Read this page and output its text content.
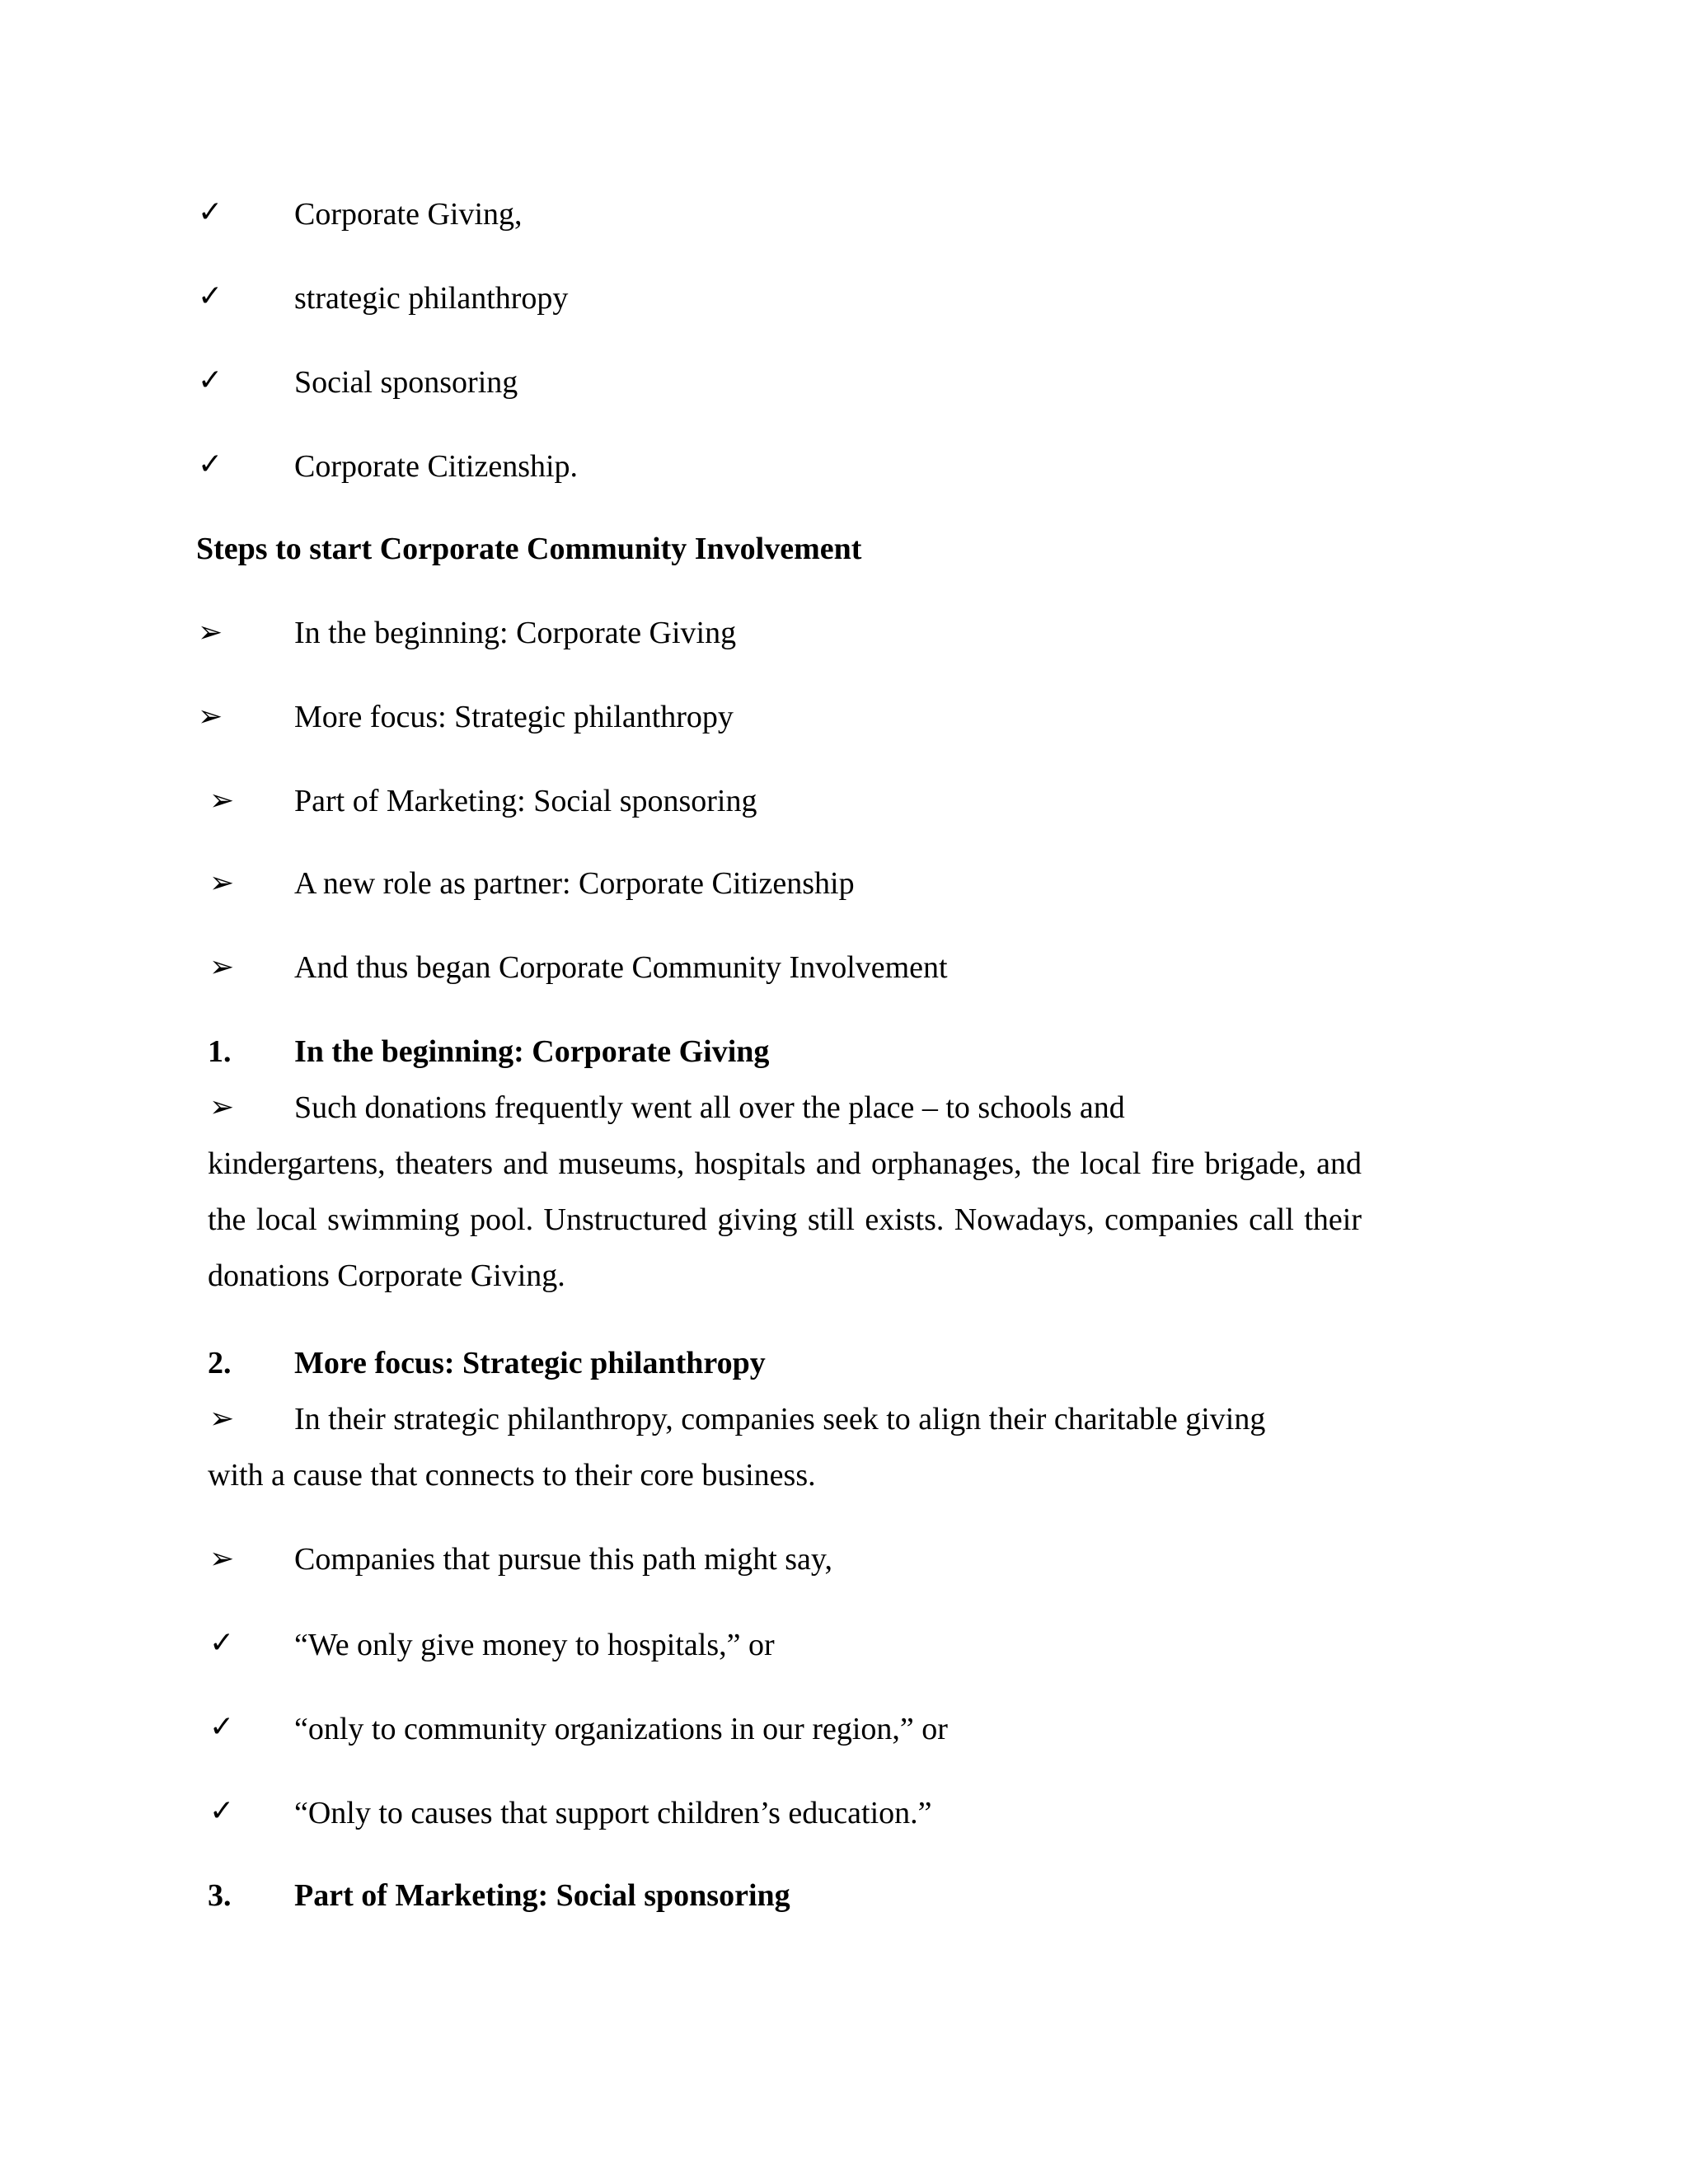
✓ Corporate Giving,
✓ strategic philanthropy
✓ Social sponsoring
✓ Corporate Citizenship.
Steps to start Corporate Community Involvement
➢ In the beginning: Corporate Giving
➢ More focus: Strategic philanthropy
➢ Part of Marketing: Social sponsoring
➢ A new role as partner: Corporate Citizenship
➢ And thus began Corporate Community Involvement
1. In the beginning: Corporate Giving
➢ Such donations frequently went all over the place – to schools and
kindergartens, theaters and museums, hospitals and orphanages, the local fire brigade, and the local swimming pool. Unstructured giving still exists. Nowadays, companies call their donations Corporate Giving.
2. More focus: Strategic philanthropy
➢ In their strategic philanthropy, companies seek to align their charitable giving
with a cause that connects to their core business.
➢ Companies that pursue this path might say,
✓ “We only give money to hospitals,” or
✓ “only to community organizations in our region,” or
✓ “Only to causes that support children’s education.”
3. Part of Marketing: Social sponsoring
